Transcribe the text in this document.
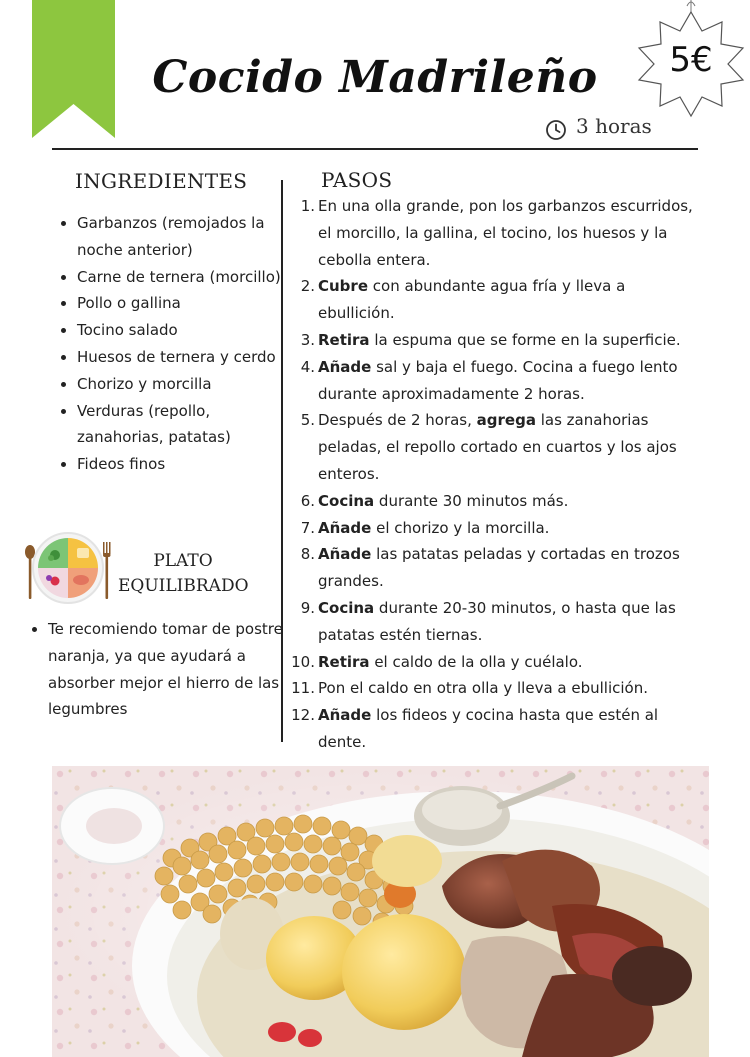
Cocido Madrileño	5€
3 horas
INGREDIENTES
• Garbanzos (remojados la noche anterior)
• Carne de ternera (morcillo)
• Pollo o gallina
• Tocino salado
• Huesos de ternera y cerdo
• Chorizo y morcilla
• Verduras (repollo, zanahorias, patatas)
• Fideos finos
PLATO
EQUILIBRADO
• Te recomiendo tomar de postre naranja, ya que ayudará a absorber mejor el hierro de las legumbres
PASOS
1. En una olla grande, pon los garbanzos escurridos, el morcillo, la gallina, el tocino, los huesos y la cebolla entera.
2. Cubre con abundante agua fría y lleva a ebullición.
3. Retira la espuma que se forme en la superficie.
4. Añade sal y baja el fuego. Cocina a fuego lento durante aproximadamente 2 horas.
5. Después de 2 horas, agrega las zanahorias peladas, el repollo cortado en cuartos y los ajos enteros.
6. Cocina durante 30 minutos más.
7. Añade el chorizo y la morcilla.
8. Añade las patatas peladas y cortadas en trozos grandes.
9. Cocina durante 20-30 minutos, o hasta que las patatas estén tiernas.
10. Retira el caldo de la olla y cuélalo.
11. Pon el caldo en otra olla y lleva a ebullición.
12. Añade los fideos y cocina hasta que estén al dente.
